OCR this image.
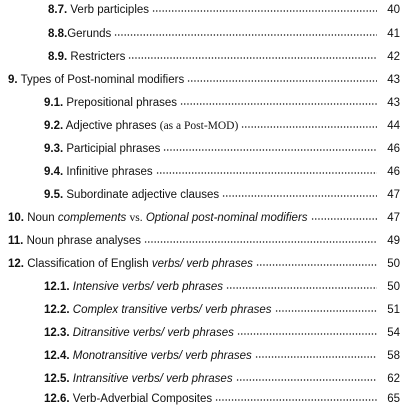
8.7. Verb participles	40
8.8.Gerunds	41
8.9. Restricters	42
9. Types of Post-nominal modifiers	43
9.1. Prepositional phrases	43
9.2. Adjective phrases (as a Post-MOD)	44
9.3. Participial phrases	46
9.4. Infinitive phrases	46
9.5. Subordinate adjective clauses	47
10. Noun complements vs. Optional post-nominal modifiers	47
11. Noun phrase analyses	49
12. Classification of English verbs/ verb phrases	50
12.1. Intensive verbs/ verb phrases	50
12.2. Complex transitive verbs/ verb phrases	51
12.3. Ditransitive verbs/ verb phrases	54
12.4. Monotransitive verbs/ verb phrases	58
12.5. Intransitive verbs/ verb phrases	62
12.6. Verb-Adverbial Composites	65
